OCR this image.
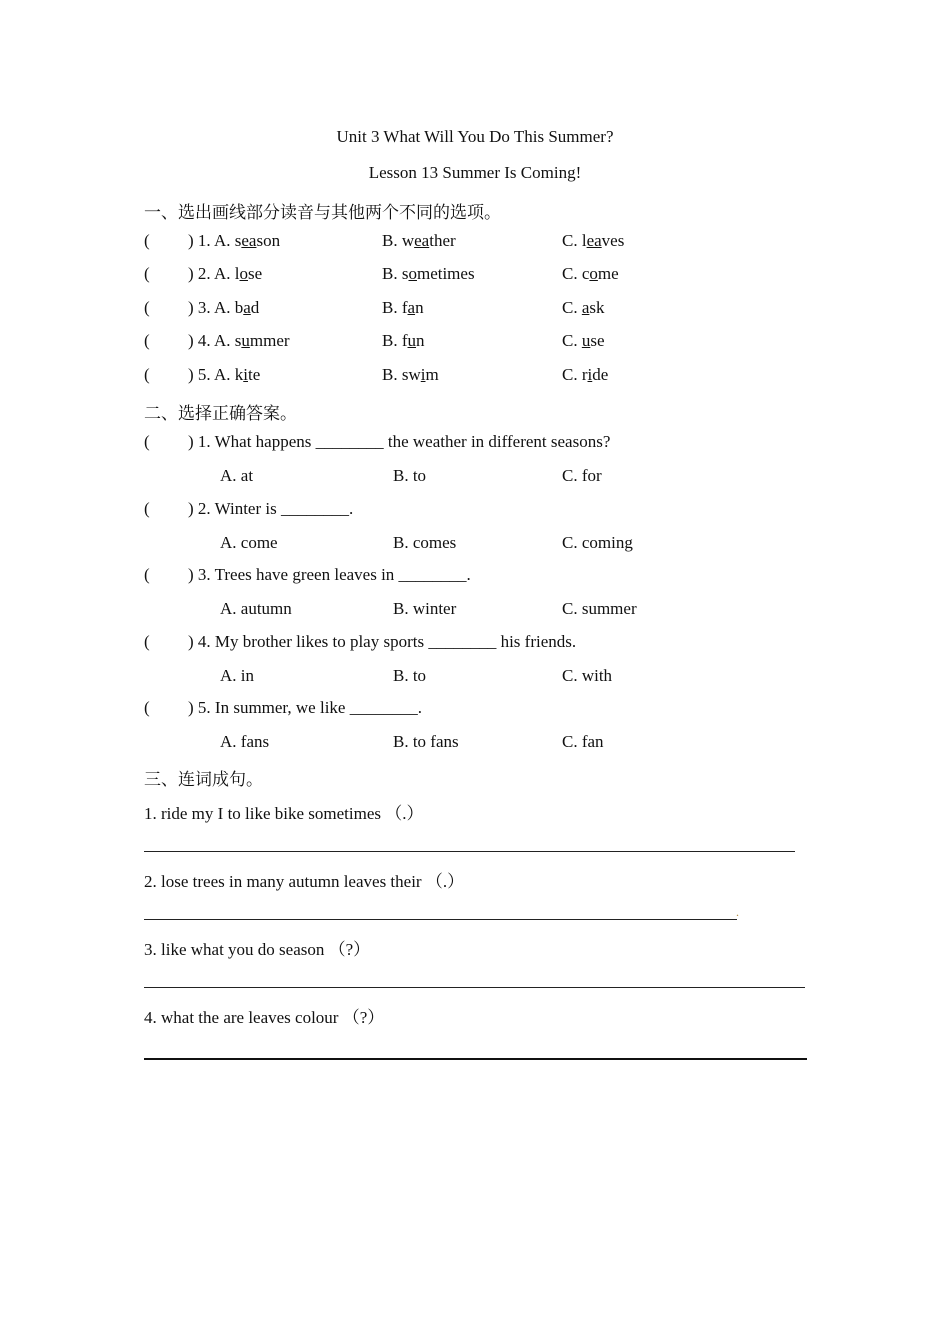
Unit 3 What Will You Do This Summer?
Lesson 13 Summer Is Coming!
一、选出画线部分读音与其他两个不同的选项。
( ) 1. A. season	B. weather	C. leaves
( ) 2. A. lose	B. sometimes	C. come
( ) 3. A. bad	B. fan	C. ask
( ) 4. A. summer	B. fun	C. use
( ) 5. A. kite	B. swim	C. ride
二、选择正确答案。
( ) 1. What happens ________ the weather in different seasons?
A. at	B. to	C. for
( ) 2. Winter is ________.
A. come	B. comes	C. coming
( ) 3. Trees have green leaves in ________.
A. autumn	B. winter	C. summer
( ) 4. My brother likes to play sports ________ his friends.
A. in	B. to	C. with
( ) 5. In summer, we like ________.
A. fans	B. to fans	C. fan
三、连词成句。
1. ride my I to like bike sometimes （.）
2. lose trees in many autumn leaves their （.）
.
3. like what you do season （?）
4. what the are leaves colour （?）
